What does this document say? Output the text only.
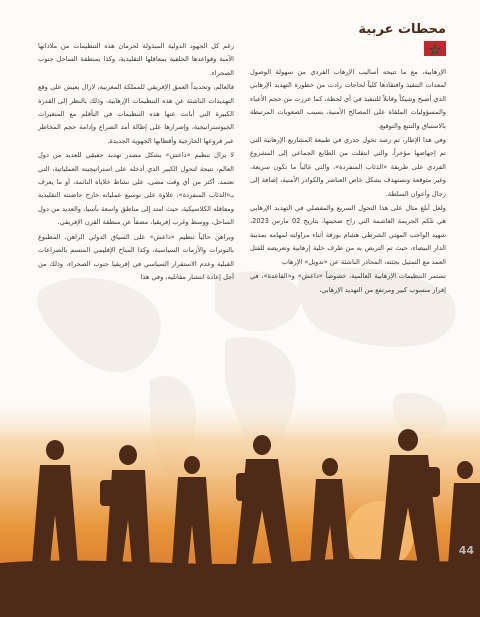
محطات عربية

الإرهابية، مع ما تتيحه أساليب الإرهاب الفردي من سهولة الوصول لمعدات التنفيذ وافتقادها كلياً لحاجات زادت من خطورة التهديد الإرهابي الذي أصبح وشيكاً وقابلاً للتنفيذ في أي لحظة، كما عززت من حجم الأعباء والمسؤوليات الملقاة على المصالح الأمنية، بسبب الصعوبات المرتبطة بالاستباق والتتبع والتوقيع.

وفي هذا الإطار، تم رصد تحول جذري في طبيعة المشاريع الإرهابية التي تم إجهاضها مؤخراً، والتي انتقلت من الطابع الجماعي إلى المشروع الفردي على طريقة «الذئاب المنفردة»، والتي غالباً ما تكون سريعة، وغير متوقعة وتستهدف بشكل خاص العناصر والكوادر الأمنية، إضافة إلى رجال وأعوان السلطة.

ولعل أبلغ مثال على هذا التحول السريع والمفصلي في التهديد الإرهابي هي تلكم الجريمة الغاشمة التي راح ضحيتها، بتاريخ 02 مارس 2023، شهيد الواجب المهني الشرطي هشام بورقة أثناء مزاولته لمهامه بمدينة الدار البيضاء، حيث تم التربص به من طرف خلية إرهابية وتعريضه للقتل العمد مع التمثيل بجثته، المحاذر الناشئة عن «تدويل» الإرهاب

تستمر التنظيمات الإرهابية العالمية، خصوصاً «داعش» و«القاعدة»، في إقرار منسوب كبير ومرتفع من التهديد الإرهابي،

رغم كل الجهود الدولية المبذولة لحرمان هذه التنظيمات من ملاذاتها الآمنة وقواعدها الخلفية بمعاقلها التقليدية، وكذا بمنطقة الساحل جنوب الصحراء.

فالعالم، وتحديداً العمق الإفريقي للمملكة المغربية، لازال يعيش على وقع التهديدات الناشئة عن هذه التنظيمات الإرهابية، وذلك بالنظر إلى القدرة الكبيرة التي أبانت عنها هذه التنظيمات في التأقلم مع المتغيرات الجيوستراتيجية، وإصرارها على إطالة أمد الصراع وإدامة حجم المخاطر عبر فروعها الخارجية وأقطابها الجهوية الجديدة.

لا يزال تنظيم «داعش» يشكل مصدر تهديد حقيقي للعديد من دول العالم، نتيجة لتحول الكبير الذي أدخله على استراتيجيته العملياتية، التي تعتمد، أكثر من أي وقت مضى، على نشاط خلاياه النائمة، أو ما يعرف بـ«الذئاب المنفردة»، علاوة على توسيع عملياته خارج حاضنته التقليدية ومعاقله الكلاسيكية، حيث امتد إلى مناطق واسعة بآسيا، والعديد من دول الساحل، ووسط وغرب إفريقيا، مضفاً عن منطقة القرن الإفريقي.

ويراهن حالياً تنظيم «داعش» على السياق الدولي الراهن، المطبوع بالتوترات والأزمات السياسية، وكذا المناخ الإقليمي المتسم بالصراعات القبلية وعدم الاستقرار السياسي في إفريقيا جنوب الصحراء، وذلك من أجل إعادة انتشار مقاتليه، وفي هذا

44
